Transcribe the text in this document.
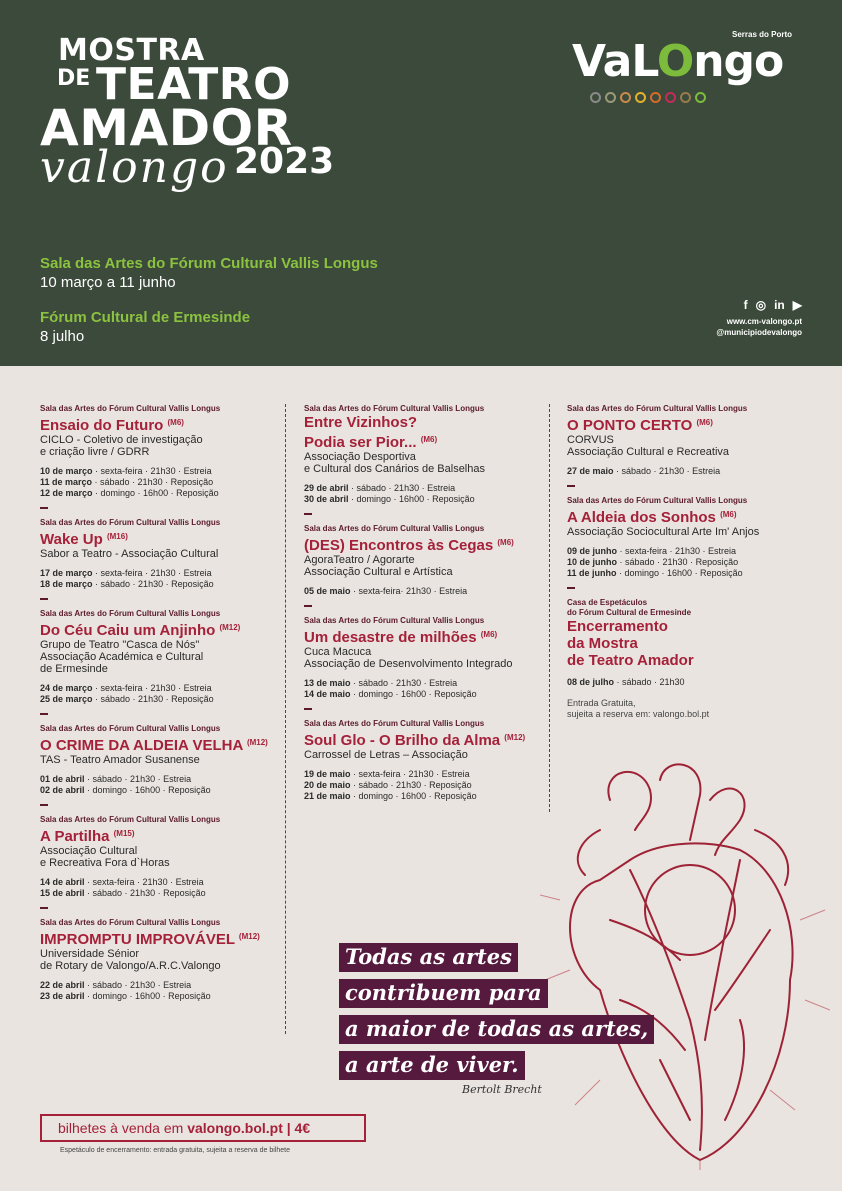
MOSTRA
DE TEATRO
AMADOR
valongo 2023
Serras do Porto
VaLOngo
Sala das Artes do Fórum Cultural Vallis Longus
10 março a 11 junho
Fórum Cultural de Ermesinde
8 julho
f ◎ in ▶
www.cm-valongo.pt
@municipiodevalongo
Sala das Artes do Fórum Cultural Vallis Longus
Ensaio do Futuro $^{(M6)}$
CICLO - Coletivo de investigação
e criação livre / GDRR
10 de março · sexta-feira · 21h30 · Estreia
11 de março · sábado · 21h30 · Reposição
12 de março · domingo · 16h00 · Reposição
Sala das Artes do Fórum Cultural Vallis Longus
Wake Up $^{(M16)}$
Sabor a Teatro - Associação Cultural
17 de março · sexta-feira · 21h30 · Estreia
18 de março · sábado · 21h30 · Reposição
Sala das Artes do Fórum Cultural Vallis Longus
Do Céu Caiu um Anjinho $^{(M12)}$
Grupo de Teatro "Casca de Nós"
Associação Académica e Cultural
de Ermesinde
24 de março · sexta-feira · 21h30 · Estreia
25 de março · sábado · 21h30 · Reposição
Sala das Artes do Fórum Cultural Vallis Longus
O CRIME DA ALDEIA VELHA $^{(M12)}$
TAS - Teatro Amador Susanense
01 de abril · sábado · 21h30 · Estreia
02 de abril · domingo · 16h00 · Reposição
Sala das Artes do Fórum Cultural Vallis Longus
A Partilha $^{(M15)}$
Associação Cultural
e Recreativa Fora d`Horas
14 de abril · sexta-feira · 21h30 · Estreia
15 de abril · sábado · 21h30 · Reposição
Sala das Artes do Fórum Cultural Vallis Longus
IMPROMPTU IMPROVÁVEL $^{(M12)}$
Universidade Sénior
de Rotary de Valongo/A.R.C.Valongo
22 de abril · sábado · 21h30 · Estreia
23 de abril · domingo · 16h00 · Reposição
Sala das Artes do Fórum Cultural Vallis Longus
Entre Vizinhos?
Podia ser Pior... $^{(M6)}$
Associação Desportiva
e Cultural dos Canários de Balselhas
29 de abril · sábado · 21h30 · Estreia
30 de abril · domingo · 16h00 · Reposição
Sala das Artes do Fórum Cultural Vallis Longus
(DES) Encontros às Cegas $^{(M6)}$
AgoraTeatro / Agorarte
Associação Cultural e Artística
05 de maio · sexta-feira· 21h30 · Estreia
Sala das Artes do Fórum Cultural Vallis Longus
Um desastre de milhões $^{(M6)}$
Cuca Macuca
Associação de Desenvolvimento Integrado
13 de maio · sábado · 21h30 · Estreia
14 de maio · domingo · 16h00 · Reposição
Sala das Artes do Fórum Cultural Vallis Longus
Soul Glo - O Brilho da Alma $^{(M12)}$
Carrossel de Letras – Associação
19 de maio · sexta-feira · 21h30 · Estreia
20 de maio · sábado · 21h30 · Reposição
21 de maio · domingo · 16h00 · Reposição
Sala das Artes do Fórum Cultural Vallis Longus
O PONTO CERTO $^{(M6)}$
CORVUS
Associação Cultural e Recreativa
27 de maio · sábado · 21h30 · Estreia
Sala das Artes do Fórum Cultural Vallis Longus
A Aldeia dos Sonhos $^{(M6)}$
Associação Sociocultural Arte Im' Anjos
09 de junho · sexta-feira · 21h30 · Estreia
10 de junho · sábado · 21h30 · Reposição
11 de junho · domingo · 16h00 · Reposição
Casa de Espetáculos
do Fórum Cultural de Ermesinde
Encerramento
da Mostra
de Teatro Amador
08 de julho · sábado · 21h30
Entrada Gratuita,
sujeita a reserva em: valongo.bol.pt
Todas as artes
contribuem para
a maior de todas as artes,
a arte de viver.
Bertolt Brecht
bilhetes à venda em valongo.bol.pt | 4€
Espetáculo de encerramento: entrada gratuita, sujeita a reserva de bilhete
